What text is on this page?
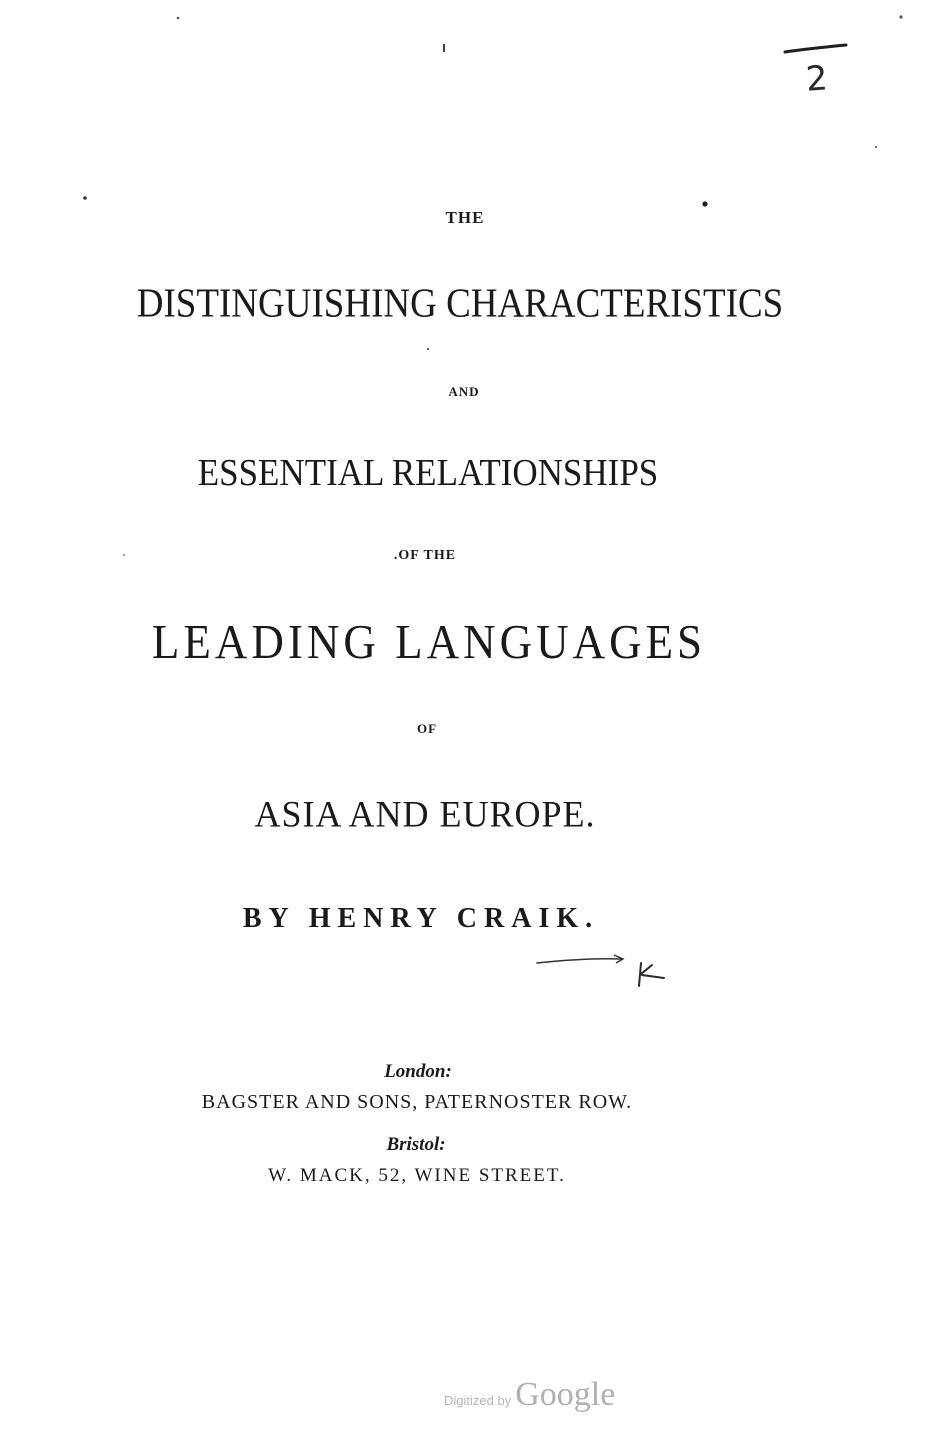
2
THE
DISTINGUISHING CHARACTERISTICS
AND
ESSENTIAL RELATIONSHIPS
.OF THE
LEADING LANGUAGES
OF
ASIA AND EUROPE.
BY HENRY CRAIK.
London:
BAGSTER AND SONS, PATERNOSTER ROW.
Bristol:
W. MACK, 52, WINE STREET.
Digitized by Google
